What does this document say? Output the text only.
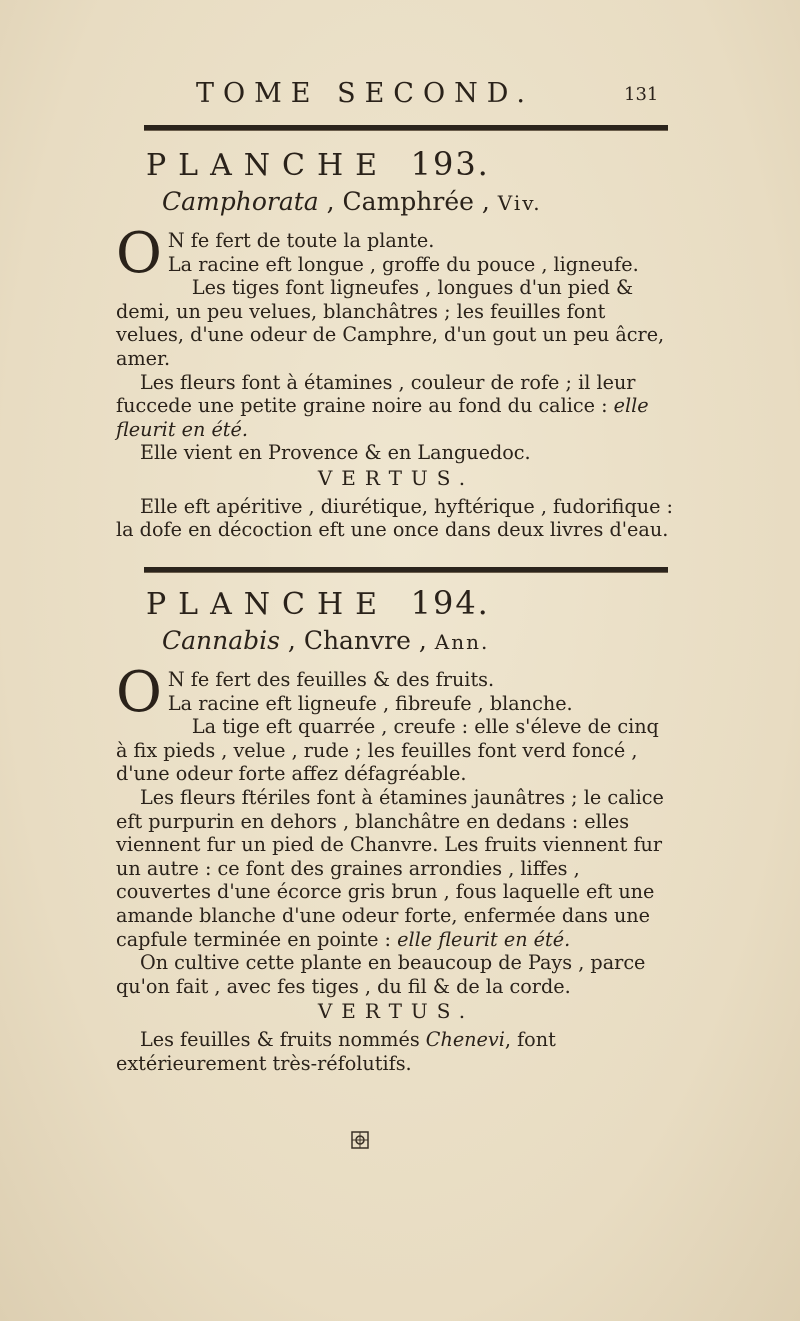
TOME SECOND.	131
PLANCHE 193.
Camphorata , Camphrée , Viv.
O N fe fert de toute la plante.

La racine eft longue , groffe du pouce , ligneufe.

Les tiges font ligneufes , longues d'un pied & demi, un peu velues, blanchâtres ; les feuilles font velues, d'une odeur de Camphre, d'un gout un peu âcre, amer.

Les fleurs font à étamines , couleur de rofe ; il leur fuccede une petite graine noire au fond du calice : elle fleurit en été.

Elle vient en Provence & en Languedoc.

VERTUS.

Elle eft apéritive , diurétique, hyftérique , fudorifique : la dofe en décoction eft une once dans deux livres d'eau.

PLANCHE 194.
Cannabis , Chanvre , Ann.
O N fe fert des feuilles & des fruits.

La racine eft ligneufe , fibreufe , blanche.

La tige eft quarrée , creufe : elle s'éleve de cinq à fix pieds , velue , rude ; les feuilles font verd foncé , d'une odeur forte affez défagréable.

Les fleurs ftériles font à étamines jaunâtres ; le calice eft purpurin en dehors , blanchâtre en dedans : elles viennent fur un pied de Chanvre. Les fruits viennent fur un autre : ce font des graines arrondies , liffes , couvertes d'une écorce gris brun , fous laquelle eft une amande blanche d'une odeur forte, enfermée dans une capfule terminée en pointe : elle fleurit en été.

On cultive cette plante en beaucoup de Pays , parce qu'on fait , avec fes tiges , du fil & de la corde.

VERTUS.

Les feuilles & fruits nommés Chenevi, font extérieurement très-réfolutifs.
